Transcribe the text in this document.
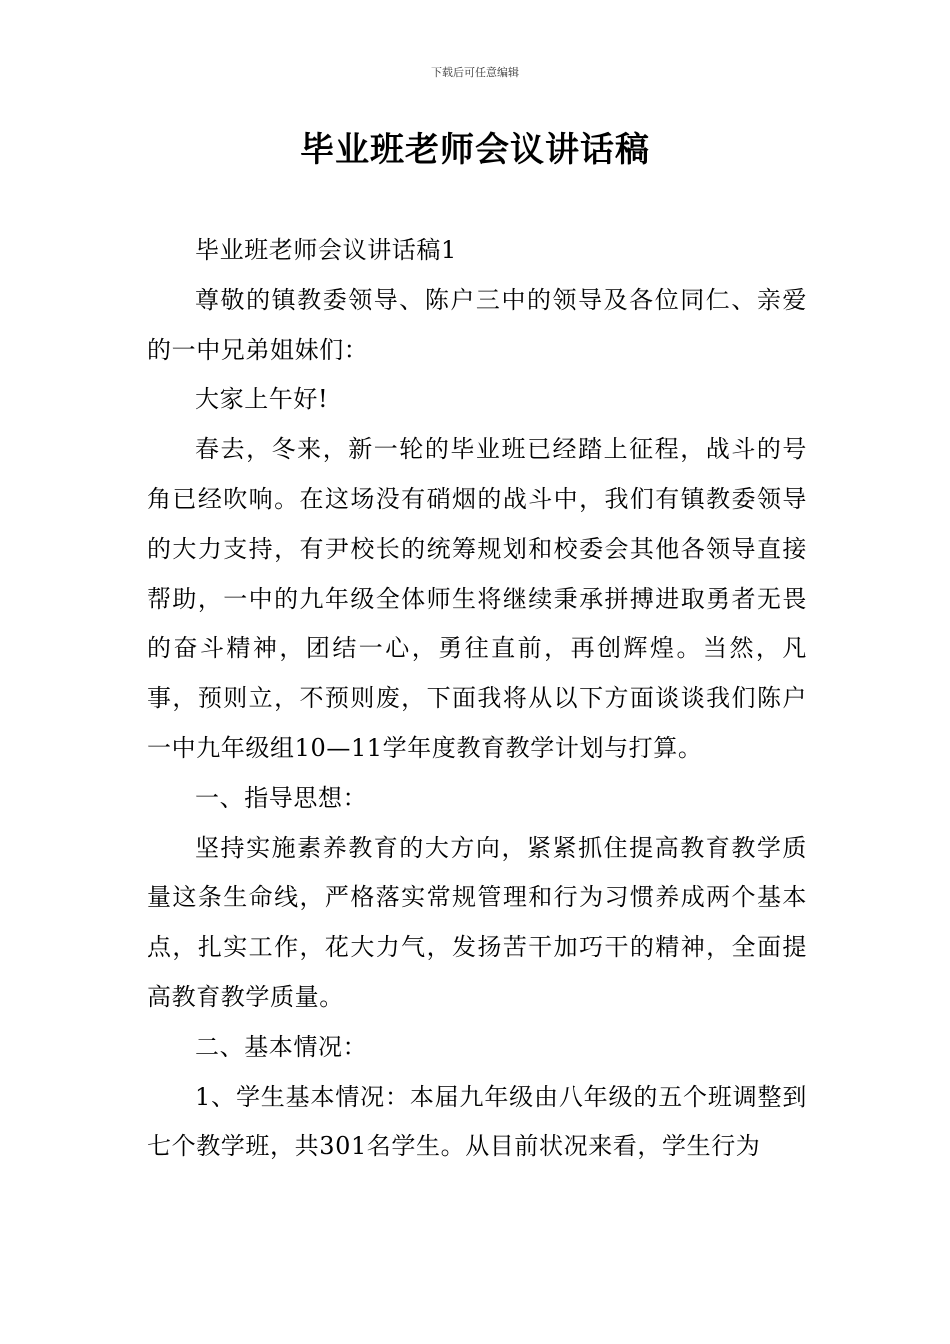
下载后可任意编辑
毕业班老师会议讲话稿

毕业班老师会议讲话稿1

尊敬的镇教委领导、陈户三中的领导及各位同仁、亲爱的一中兄弟姐妹们：

大家上午好!

春去，冬来，新一轮的毕业班已经踏上征程，战斗的号角已经吹响。在这场没有硝烟的战斗中，我们有镇教委领导的大力支持，有尹校长的统筹规划和校委会其他各领导直接帮助，一中的九年级全体师生将继续秉承拼搏进取勇者无畏的奋斗精神，团结一心，勇往直前，再创辉煌。当然，凡事，预则立，不预则废，下面我将从以下方面谈谈我们陈户一中九年级组10—11学年度教育教学计划与打算。

一、指导思想：

坚持实施素养教育的大方向，紧紧抓住提高教育教学质量这条生命线，严格落实常规管理和行为习惯养成两个基本点，扎实工作，花大力气，发扬苦干加巧干的精神，全面提高教育教学质量。

二、基本情况：

1、学生基本情况：本届九年级由八年级的五个班调整到七个教学班，共301名学生。从目前状况来看，学生行为
